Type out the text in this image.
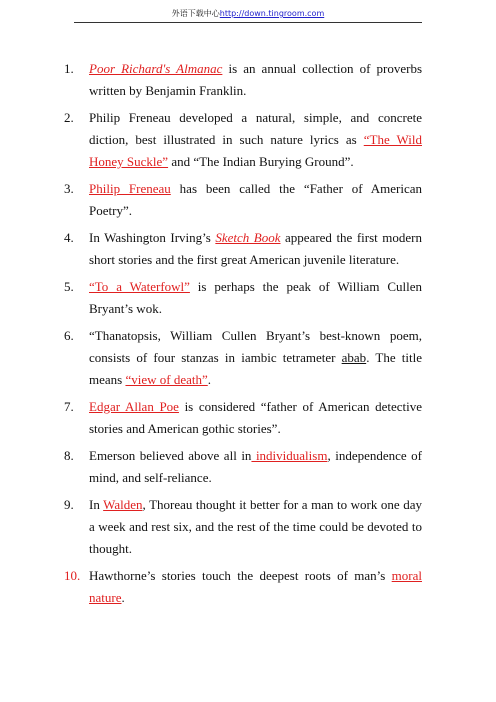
外语下载中心http://down.tingroom.com
1.	Poor Richard's Almanac is an annual collection of proverbs written by Benjamin Franklin.
2.	Philip Freneau developed a natural, simple, and concrete diction, best illustrated in such nature lyrics as “The Wild Honey Suckle” and “The Indian Burying Ground”.
3.	Philip Freneau has been called the “Father of American Poetry”.
4.	In Washington Irving’s Sketch Book appeared the first modern short stories and the first great American juvenile literature.
5.	“To a Waterfowl” is perhaps the peak of William Cullen Bryant’s wok.
6.	“Thanatopsis, William Cullen Bryant’s best-known poem, consists of four stanzas in iambic tetrameter abab. The title means “view of death”.
7.	Edgar Allan Poe is considered “father of American detective stories and American gothic stories”.
8.	Emerson believed above all in individualism, independence of mind, and self-reliance.
9.	In Walden, Thoreau thought it better for a man to work one day a week and rest six, and the rest of the time could be devoted to thought.
10. Hawthorne’s stories touch the deepest roots of man’s moral nature.
